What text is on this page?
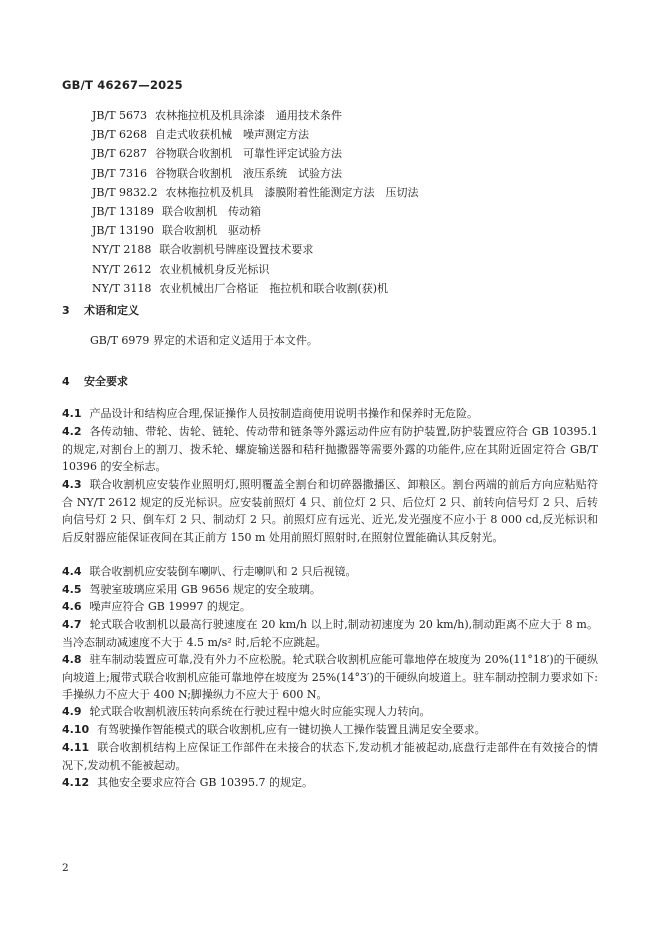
GB/T 46267—2025
JB/T 5673 农林拖拉机及机具涂漆　通用技术条件
JB/T 6268 自走式收获机械　噪声测定方法
JB/T 6287 谷物联合收割机　可靠性评定试验方法
JB/T 7316 谷物联合收割机　液压系统　试验方法
JB/T 9832.2 农林拖拉机及机具　漆膜附着性能测定方法　压切法
JB/T 13189 联合收割机　传动箱
JB/T 13190 联合收割机　驱动桥
NY/T 2188 联合收割机号牌座设置技术要求
NY/T 2612 农业机械机身反光标识
NY/T 3118 农业机械出厂合格证　拖拉机和联合收割(获)机
3 术语和定义
GB/T 6979 界定的术语和定义适用于本文件。
4 安全要求
4.1 产品设计和结构应合理,保证操作人员按制造商使用说明书操作和保养时无危险。
4.2 各传动轴、带轮、齿轮、链轮、传动带和链条等外露运动件应有防护装置,防护装置应符合 GB 10395.1 的规定,对割台上的割刀、拨禾轮、螺旋输送器和秸秆抛撒器等需要外露的功能件,应在其附近固定符合 GB/T 10396 的安全标志。
4.3 联合收割机应安装作业照明灯,照明覆盖全割台和切碎器撒播区、卸粮区。割台两端的前后方向应粘贴符合 NY/T 2612 规定的反光标识。应安装前照灯 4 只、前位灯 2 只、后位灯 2 只、前转向信号灯 2 只、后转向信号灯 2 只、倒车灯 2 只、制动灯 2 只。前照灯应有远光、近光,发光强度不应小于 8 000 cd,反光标识和后反射器应能保证夜间在其正前方 150 m 处用前照灯照射时,在照射位置能确认其反射光。
4.4 联合收割机应安装倒车喇叭、行走喇叭和 2 只后视镜。
4.5 驾驶室玻璃应采用 GB 9656 规定的安全玻璃。
4.6 噪声应符合 GB 19997 的规定。
4.7 轮式联合收割机以最高行驶速度在 20 km/h 以上时,制动初速度为 20 km/h),制动距离不应大于 8 m。当冷态制动减速度不大于 4.5 m/s² 时,后轮不应跳起。
4.8 驻车制动装置应可靠,没有外力不应松脱。轮式联合收割机应能可靠地停在坡度为 20%(11°18′)的干硬纵向坡道上;履带式联合收割机应能可靠地停在坡度为 25%(14°3′)的干硬纵向坡道上。驻车制动控制力要求如下:手操纵力不应大于 400 N;脚操纵力不应大于 600 N。
4.9 轮式联合收割机液压转向系统在行驶过程中熄火时应能实现人力转向。
4.10 有驾驶操作智能模式的联合收割机,应有一键切换人工操作装置且满足安全要求。
4.11 联合收割机结构上应保证工作部件在未接合的状态下,发动机才能被起动,底盘行走部件在有效接合的情况下,发动机不能被起动。
4.12 其他安全要求应符合 GB 10395.7 的规定。
2
